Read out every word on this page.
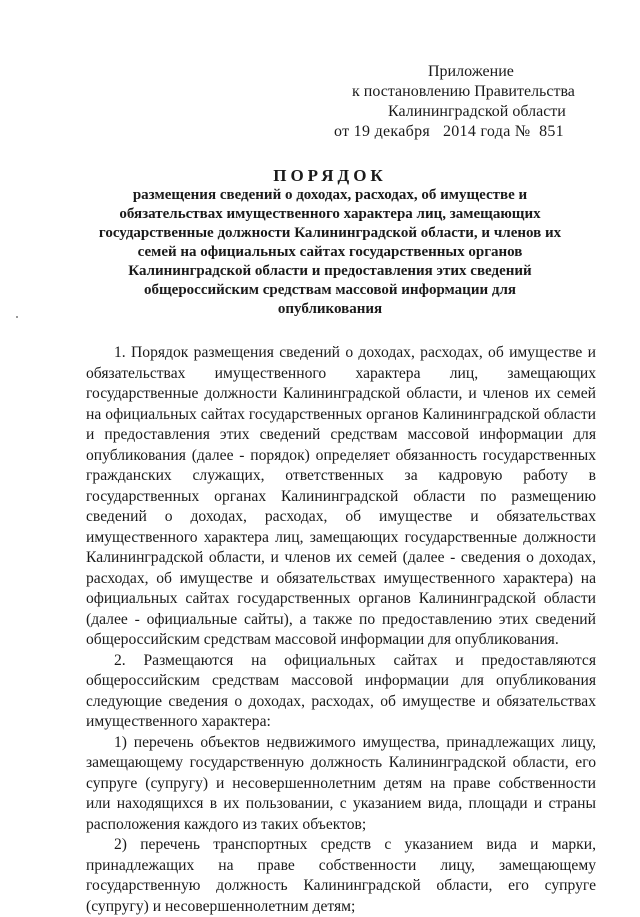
Приложение
к постановлению Правительства
Калининградской области
от 19 декабря   2014 года №  851
ПОРЯДОК
размещения сведений о доходах, расходах, об имуществе и обязательствах имущественного характера лиц, замещающих государственные должности Калининградской области, и членов их семей на официальных сайтах государственных органов Калининградской области и предоставления этих сведений общероссийским средствам массовой информации для опубликования

1. Порядок размещения сведений о доходах, расходах, об имуществе и обязательствах имущественного характера лиц, замещающих государственные должности Калининградской области, и членов их семей на официальных сайтах государственных органов Калининградской области и предоставления этих сведений средствам массовой информации для опубликования (далее - порядок) определяет обязанность государственных гражданских служащих, ответственных за кадровую работу в государственных органах Калининградской области по размещению сведений о доходах, расходах, об имуществе и обязательствах имущественного характера лиц, замещающих государственные должности Калининградской области, и членов их семей (далее - сведения о доходах, расходах, об имуществе и обязательствах имущественного характера) на официальных сайтах государственных органов Калининградской области (далее - официальные сайты), а также по предоставлению этих сведений общероссийским средствам массовой информации для опубликования.

2. Размещаются на официальных сайтах и предоставляются общероссийским средствам массовой информации для опубликования следующие сведения о доходах, расходах, об имуществе и обязательствах имущественного характера:

1) перечень объектов недвижимого имущества, принадлежащих лицу, замещающему государственную должность Калининградской области, его супруге (супругу) и несовершеннолетним детям на праве собственности или находящихся в их пользовании, с указанием вида, площади и страны расположения каждого из таких объектов;

2) перечень транспортных средств с указанием вида и марки, принадлежащих на праве собственности лицу, замещающему государственную должность Калининградской области, его супруге (супругу) и несовершеннолетним детям;
